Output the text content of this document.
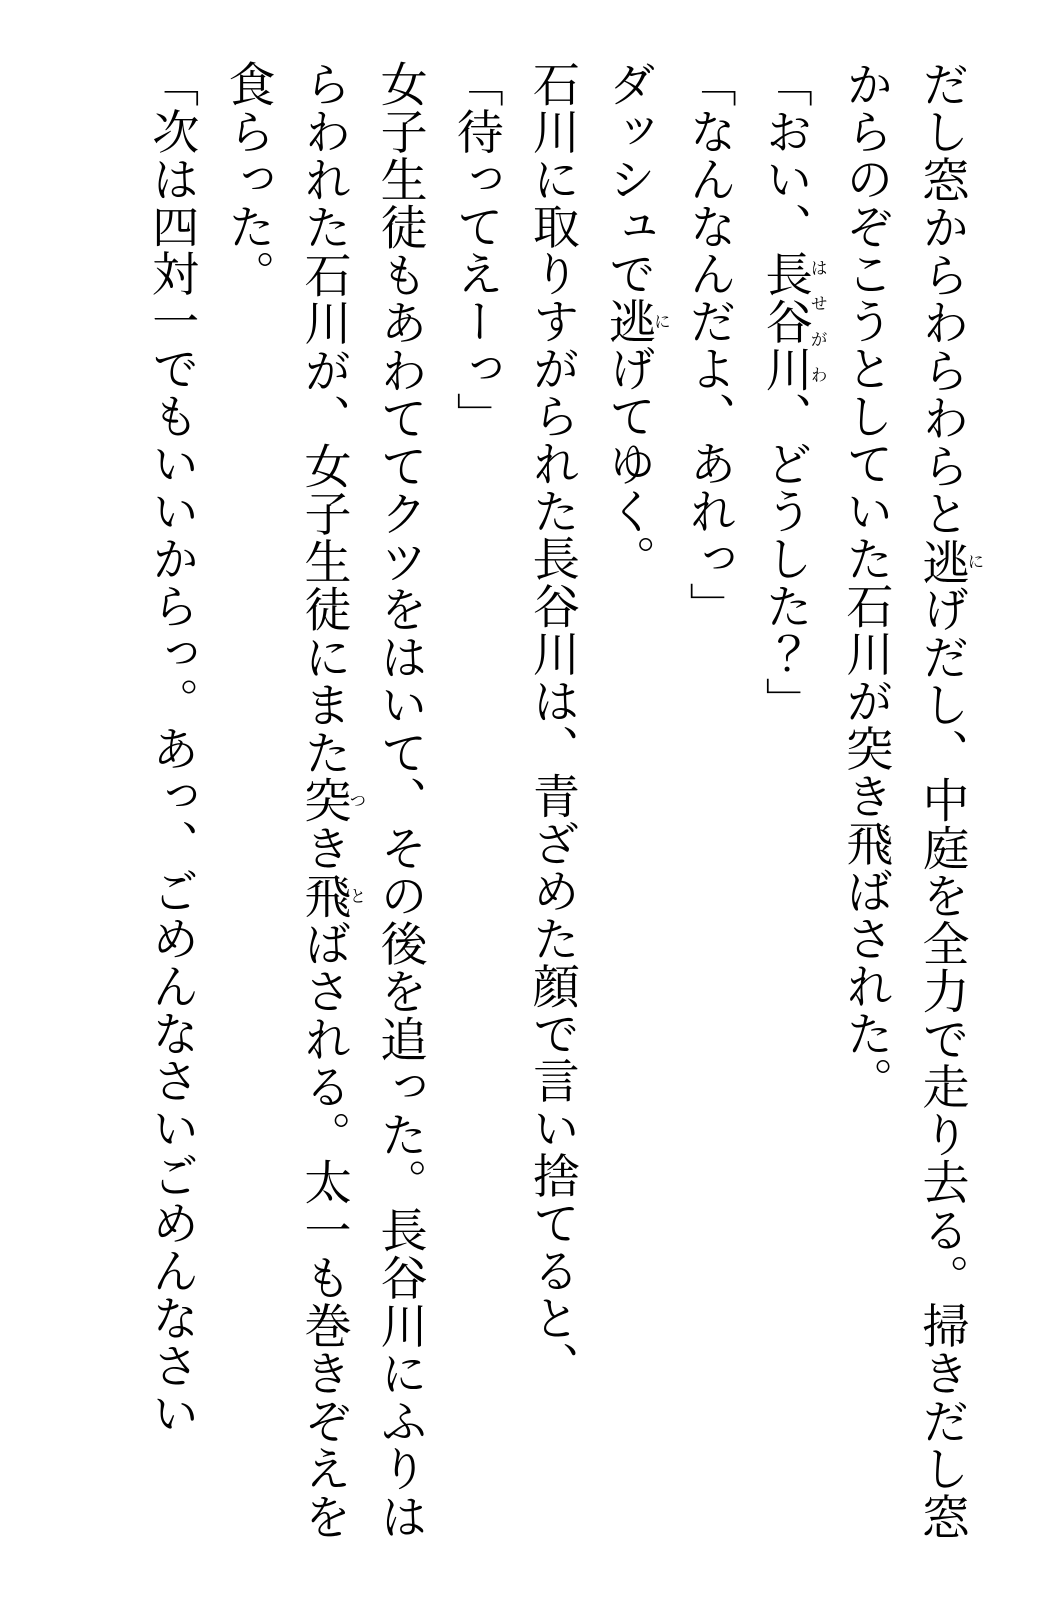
だし窓からわらわらと逃にげだし、中庭を全力で走り去る。掃きだし窓からのぞこうとしていた石川が突き飛ばされた。

「おい、長谷川はせがわ、どうした？」

「なんなんだよ、あれっ」

ダッシュで逃にげてゆく。

石川に取りすがられた長谷川は、青ざめた顔で言い捨てると、

「待ってえーっ」

女子生徒もあわててクツをはいて、その後を追った。長谷川にふりはらわれた石川が、女子生徒にまた突つき飛とばされる。太一も巻きぞえを食らった。

「次は四対一でもいいからっ。あっ、ごめんなさいごめんなさい
